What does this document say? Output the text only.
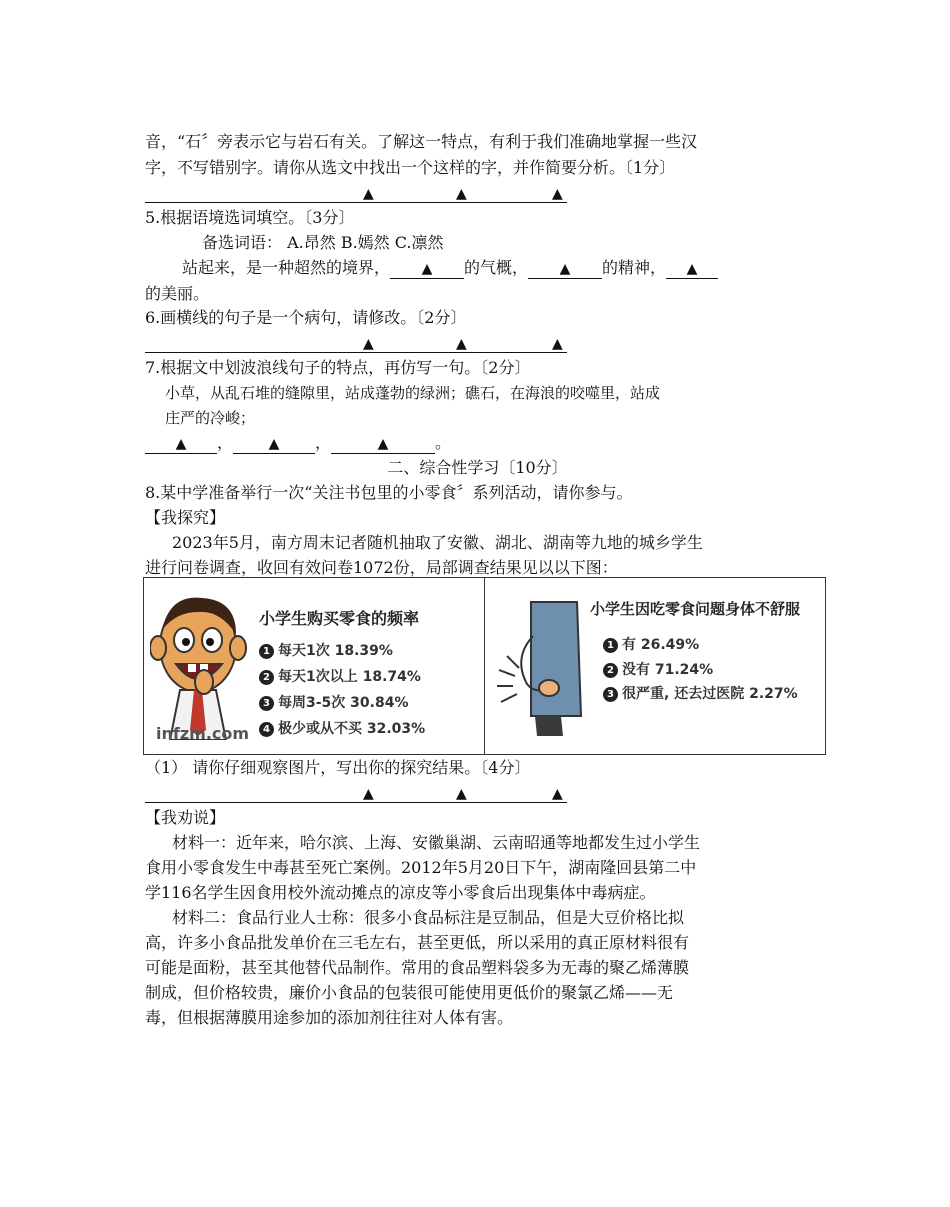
音，“石〞旁表示它与岩石有关。了解这一特点，有利于我们准确地掌握一些汉
字，不写错别字。请你从选文中找出一个这样的字，并作简要分析。〔1分〕
▲	▲	▲
5.根据语境选词填空。〔3分〕
备选词语： A.昂然 B.嫣然 C.凛然
站起来，是一种超然的境界， ▲ 的气概， ▲ 的精神， ▲
的美丽。
6.画横线的句子是一个病句，请修改。〔2分〕
▲	▲	▲
7.根据文中划波浪线句子的特点，再仿写一句。〔2分〕
小草，从乱石堆的缝隙里，站成蓬勃的绿洲；礁石，在海浪的咬噬里，站成
庄严的冷峻；
▲ ，	▲ ，	▲	。
二、综合性学习〔10分〕
8.某中学准备举行一次“关注书包里的小零食〞系列活动，请你参与。
【我探究】
2023年5月，南方周末记者随机抽取了安徽、湖北、湖南等九地的城乡学生
进行问卷调查，收回有效问卷1072份，局部调查结果见以以下图：
infzm.com
小学生购买零食的频率
1 每天1次 18.39%
2 每天1次以上 18.74%
3 每周3-5次 30.84%
4 极少或从不买 32.03%
小学生因吃零食问题身体不舒服
1 有 26.49%
2 没有 71.24%
3 很严重, 还去过医院 2.27%
（1） 请你仔细观察图片，写出你的探究结果。〔4分〕
▲	▲	▲
【我劝说】
材料一：近年来，哈尔滨、上海、安徽巢湖、云南昭通等地都发生过小学生
食用小零食发生中毒甚至死亡案例。2012年5月20日下午，湖南隆回县第二中
学116名学生因食用校外流动摊点的凉皮等小零食后出现集体中毒病症。
材料二：食品行业人士称：很多小食品标注是豆制品，但是大豆价格比拟
高，许多小食品批发单价在三毛左右，甚至更低，所以采用的真正原材料很有
可能是面粉，甚至其他替代品制作。常用的食品塑料袋多为无毒的聚乙烯薄膜
制成，但价格较贵，廉价小食品的包装很可能使用更低价的聚氯乙烯——无
毒，但根据薄膜用途参加的添加剂往往对人体有害。
